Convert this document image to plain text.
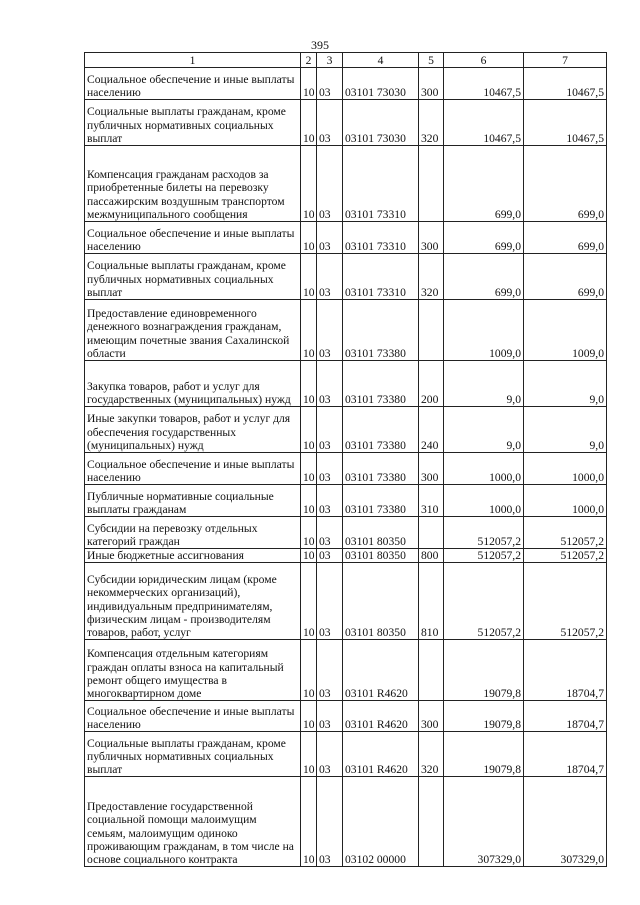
395
1	2	3	4	5	6	7
Социальное обеспечение и иные выплаты населению	10	03	03101 73030	300	10467,5	10467,5
Социальные выплаты гражданам, кроме публичных нормативных социальных выплат	10	03	03101 73030	320	10467,5	10467,5
Компенсация гражданам расходов за приобретенные билеты на перевозку пассажирским воздушным транспортом межмуниципального сообщения	10	03	03101 73310		699,0	699,0
Социальное обеспечение и иные выплаты населению	10	03	03101 73310	300	699,0	699,0
Социальные выплаты гражданам, кроме публичных нормативных социальных выплат	10	03	03101 73310	320	699,0	699,0
Предоставление единовременного денежного вознаграждения гражданам, имеющим почетные звания Сахалинской области	10	03	03101 73380		1009,0	1009,0
Закупка товаров, работ и услуг для государственных (муниципальных) нужд	10	03	03101 73380	200	9,0	9,0
Иные закупки товаров, работ и услуг для обеспечения государственных (муниципальных) нужд	10	03	03101 73380	240	9,0	9,0
Социальное обеспечение и иные выплаты населению	10	03	03101 73380	300	1000,0	1000,0
Публичные нормативные социальные выплаты гражданам	10	03	03101 73380	310	1000,0	1000,0
Субсидии на перевозку отдельных категорий граждан	10	03	03101 80350		512057,2	512057,2
Иные бюджетные ассигнования	10	03	03101 80350	800	512057,2	512057,2
Субсидии юридическим лицам (кроме некоммерческих организаций), индивидуальным предпринимателям, физическим лицам - производителям товаров, работ, услуг	10	03	03101 80350	810	512057,2	512057,2
Компенсация отдельным категориям граждан оплаты взноса на капитальный ремонт общего имущества в многоквартирном доме	10	03	03101 R4620		19079,8	18704,7
Социальное обеспечение и иные выплаты населению	10	03	03101 R4620	300	19079,8	18704,7
Социальные выплаты гражданам, кроме публичных нормативных социальных выплат	10	03	03101 R4620	320	19079,8	18704,7
Предоставление государственной социальной помощи малоимущим семьям, малоимущим одиноко проживающим гражданам, в том числе на основе социального контракта	10	03	03102 00000		307329,0	307329,0
